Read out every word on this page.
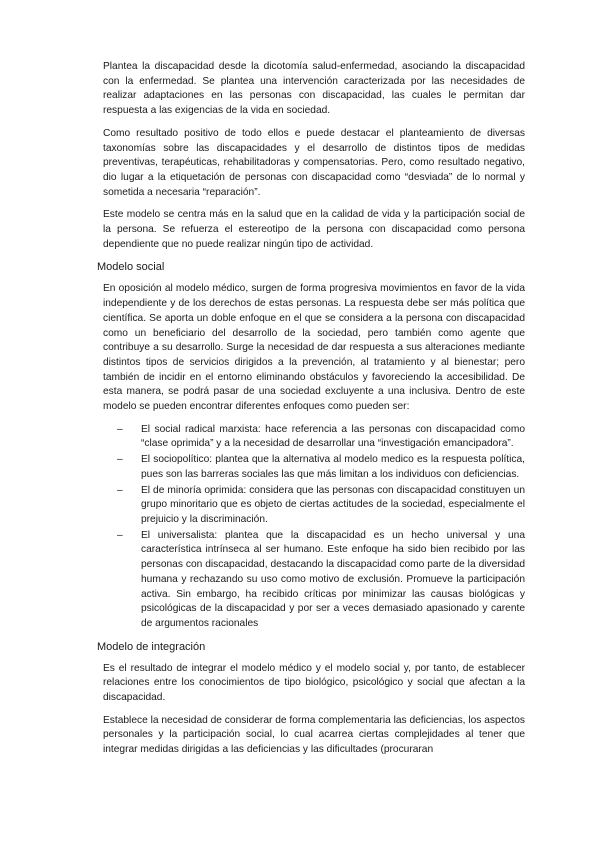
Plantea la discapacidad desde la dicotomía salud-enfermedad, asociando la discapacidad con la enfermedad. Se plantea una intervención caracterizada por las necesidades de realizar adaptaciones en las personas con discapacidad, las cuales le permitan dar respuesta a las exigencias de la vida en sociedad.

Como resultado positivo de todo ellos e puede destacar el planteamiento de diversas taxonomías sobre las discapacidades y el desarrollo de distintos tipos de medidas preventivas, terapéuticas, rehabilitadoras y compensatorias. Pero, como resultado negativo, dio lugar a la etiquetación de personas con discapacidad como “desviada” de lo normal y sometida a necesaria “reparación”.

Este modelo se centra más en la salud que en la calidad de vida y la participación social de la persona. Se refuerza el estereotipo de la persona con discapacidad como persona dependiente que no puede realizar ningún tipo de actividad.

Modelo social

En oposición al modelo médico, surgen de forma progresiva movimientos en favor de la vida independiente y de los derechos de estas personas. La respuesta debe ser más política que científica. Se aporta un doble enfoque en el que se considera a la persona con discapacidad como un beneficiario del desarrollo de la sociedad, pero también como agente que contribuye a su desarrollo. Surge la necesidad de dar respuesta a sus alteraciones mediante distintos tipos de servicios dirigidos a la prevención, al tratamiento y al bienestar; pero también de incidir en el entorno eliminando obstáculos y favoreciendo la accesibilidad. De esta manera, se podrá pasar de una sociedad excluyente a una inclusiva. Dentro de este modelo se pueden encontrar diferentes enfoques como pueden ser:

– El social radical marxista: hace referencia a las personas con discapacidad como “clase oprimida” y a la necesidad de desarrollar una “investigación emancipadora”.
– El sociopolítico: plantea que la alternativa al modelo medico es la respuesta política, pues son las barreras sociales las que más limitan a los individuos con deficiencias.
– El de minoría oprimida: considera que las personas con discapacidad constituyen un grupo minoritario que es objeto de ciertas actitudes de la sociedad, especialmente el prejuicio y la discriminación.
– El universalista: plantea que la discapacidad es un hecho universal y una característica intrínseca al ser humano. Este enfoque ha sido bien recibido por las personas con discapacidad, destacando la discapacidad como parte de la diversidad humana y rechazando su uso como motivo de exclusión. Promueve la participación activa. Sin embargo, ha recibido críticas por minimizar las causas biológicas y psicológicas de la discapacidad y por ser a veces demasiado apasionado y carente de argumentos racionales
Modelo de integración

Es el resultado de integrar el modelo médico y el modelo social y, por tanto, de establecer relaciones entre los conocimientos de tipo biológico, psicológico y social que afectan a la discapacidad.

Establece la necesidad de considerar de forma complementaria las deficiencias, los aspectos personales y la participación social, lo cual acarrea ciertas complejidades al tener que integrar medidas dirigidas a las deficiencias y las dificultades (procuraran
